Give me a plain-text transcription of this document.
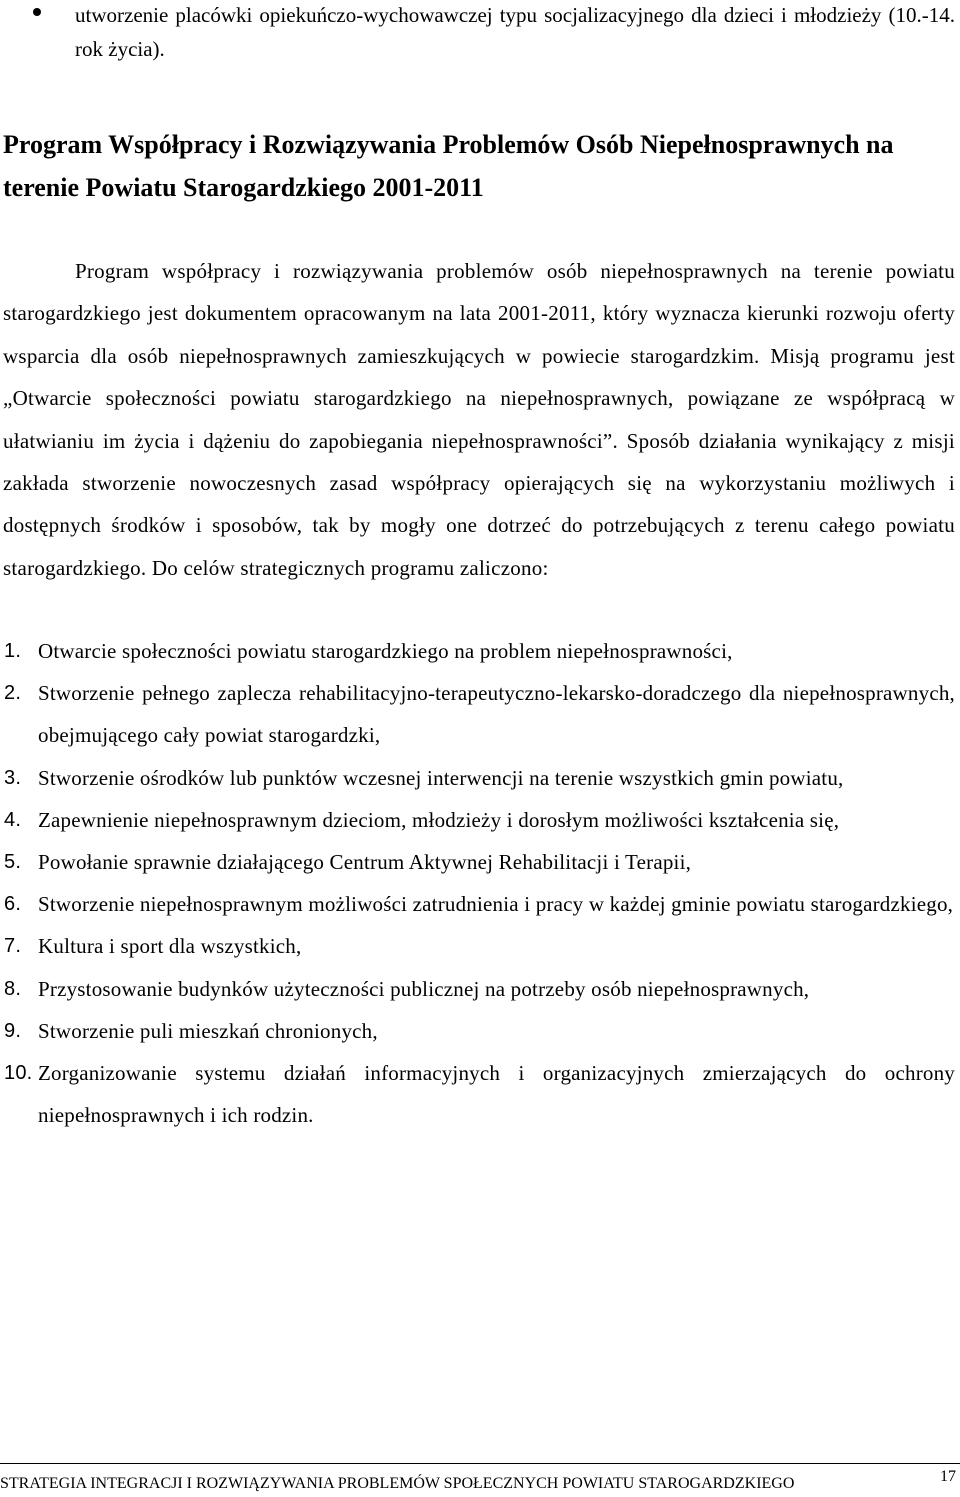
utworzenie placówki opiekuńczo-wychowawczej typu socjalizacyjnego dla dzieci i młodzieży (10.-14. rok życia).
Program Współpracy i Rozwiązywania Problemów Osób Niepełnosprawnych na terenie Powiatu Starogardzkiego 2001-2011

Program współpracy i rozwiązywania problemów osób niepełnosprawnych na terenie powiatu starogardzkiego jest dokumentem opracowanym na lata 2001-2011, który wyznacza kierunki rozwoju oferty wsparcia dla osób niepełnosprawnych zamieszkujących w powiecie starogardzkim. Misją programu jest „Otwarcie społeczności powiatu starogardzkiego na niepełnosprawnych, powiązane ze współpracą w ułatwianiu im życia i dążeniu do zapobiegania niepełnosprawności”. Sposób działania wynikający z misji zakłada stworzenie nowoczesnych zasad współpracy opierających się na wykorzystaniu możliwych i dostępnych środków i sposobów, tak by mogły one dotrzeć do potrzebujących z terenu całego powiatu starogardzkiego. Do celów strategicznych programu zaliczono:

1. Otwarcie społeczności powiatu starogardzkiego na problem niepełnosprawności,
2. Stworzenie pełnego zaplecza rehabilitacyjno-terapeutyczno-lekarsko-doradczego dla niepełnosprawnych, obejmującego cały powiat starogardzki,
3. Stworzenie ośrodków lub punktów wczesnej interwencji na terenie wszystkich gmin powiatu,
4. Zapewnienie niepełnosprawnym dzieciom, młodzieży i dorosłym możliwości kształcenia się,
5. Powołanie sprawnie działającego Centrum Aktywnej Rehabilitacji i Terapii,
6. Stworzenie niepełnosprawnym możliwości zatrudnienia i pracy w każdej gminie powiatu starogardzkiego,
7. Kultura i sport dla wszystkich,
8. Przystosowanie budynków użyteczności publicznej na potrzeby osób niepełnosprawnych,
9. Stworzenie puli mieszkań chronionych,
10. Zorganizowanie systemu działań informacyjnych i organizacyjnych zmierzających do ochrony niepełnosprawnych i ich rodzin.
STRATEGIA INTEGRACJI I ROZWIĄZYWANIA PROBLEMÓW SPOŁECZNYCH POWIATU STAROGARDZKIEGO	17
